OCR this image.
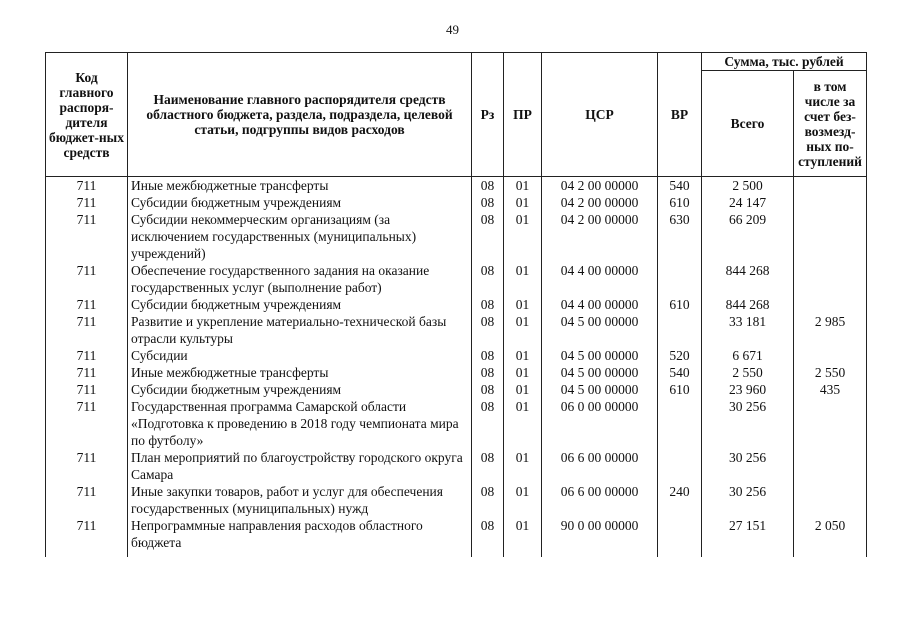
49
Код главного распоря-дителя бюджет-ных средств	Наименование главного распорядителя средств областного бюджета, раздела, подраздела, целевой статьи, подгруппы видов расходов	Рз	ПР	ЦСР	ВР	Сумма, тыс. рублей	
						Всего	в том числе за счет без-возмезд-ных по-ступлений
711	Иные межбюджетные трансферты	08	01	04 2 00 00000	540	2 500	
711	Субсидии бюджетным учреждениям	08	01	04 2 00 00000	610	24 147	
711	Субсидии некоммерческим организациям (за исключением государственных (муниципальных) учреждений)	08	01	04 2 00 00000	630	66 209	
711	Обеспечение государственного задания на оказание государственных услуг (выполнение работ)	08	01	04 4 00 00000		844 268	
711	Субсидии бюджетным учреждениям	08	01	04 4 00 00000	610	844 268	
711	Развитие и укрепление материально-технической базы отрасли культуры	08	01	04 5 00 00000		33 181	2 985
711	Субсидии	08	01	04 5 00 00000	520	6 671	
711	Иные межбюджетные трансферты	08	01	04 5 00 00000	540	2 550	2 550
711	Субсидии бюджетным учреждениям	08	01	04 5 00 00000	610	23 960	435
711	Государственная программа Самарской области «Подготовка к проведению в 2018 году чемпионата мира по футболу»	08	01	06 0 00 00000		30 256	
711	План мероприятий по благоустройству городского округа Самара	08	01	06 6 00 00000		30 256	
711	Иные закупки товаров, работ и услуг для обеспечения государственных (муниципальных) нужд	08	01	06 6 00 00000	240	30 256	
711	Непрограммные направления расходов областного бюджета	08	01	90 0 00 00000		27 151	2 050
